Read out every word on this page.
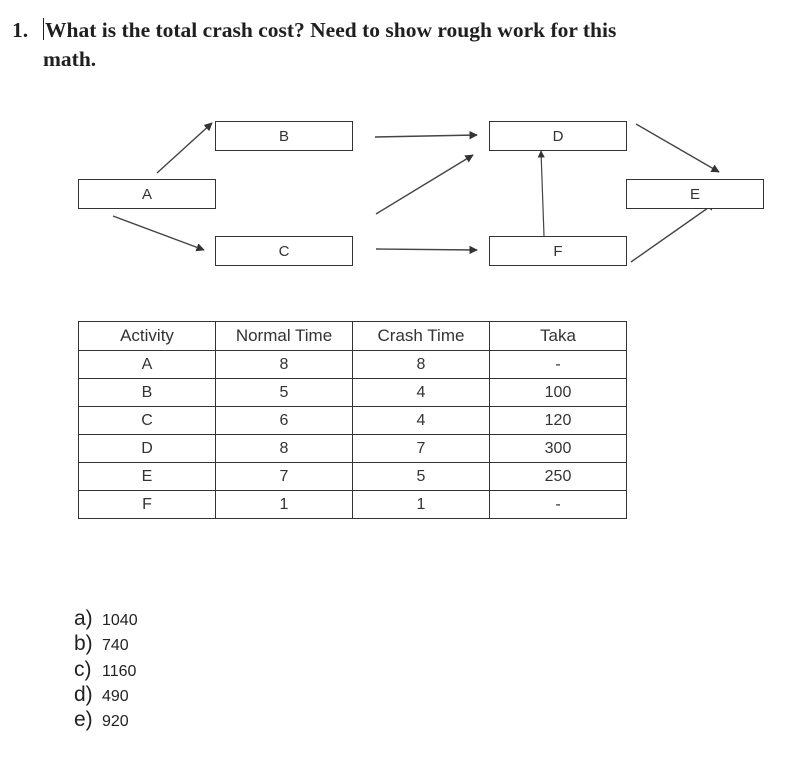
1. What is the total crash cost? Need to show rough work for this
math.
A
B
C
D
E
F
Activity	Normal Time	Crash Time	Taka
A	8	8	-
B	5	4	100
C	6	4	120
D	8	7	300
E	7	5	250
F	1	1	-
a) 1040
b) 740
c) 1160
d) 490
e) 920
